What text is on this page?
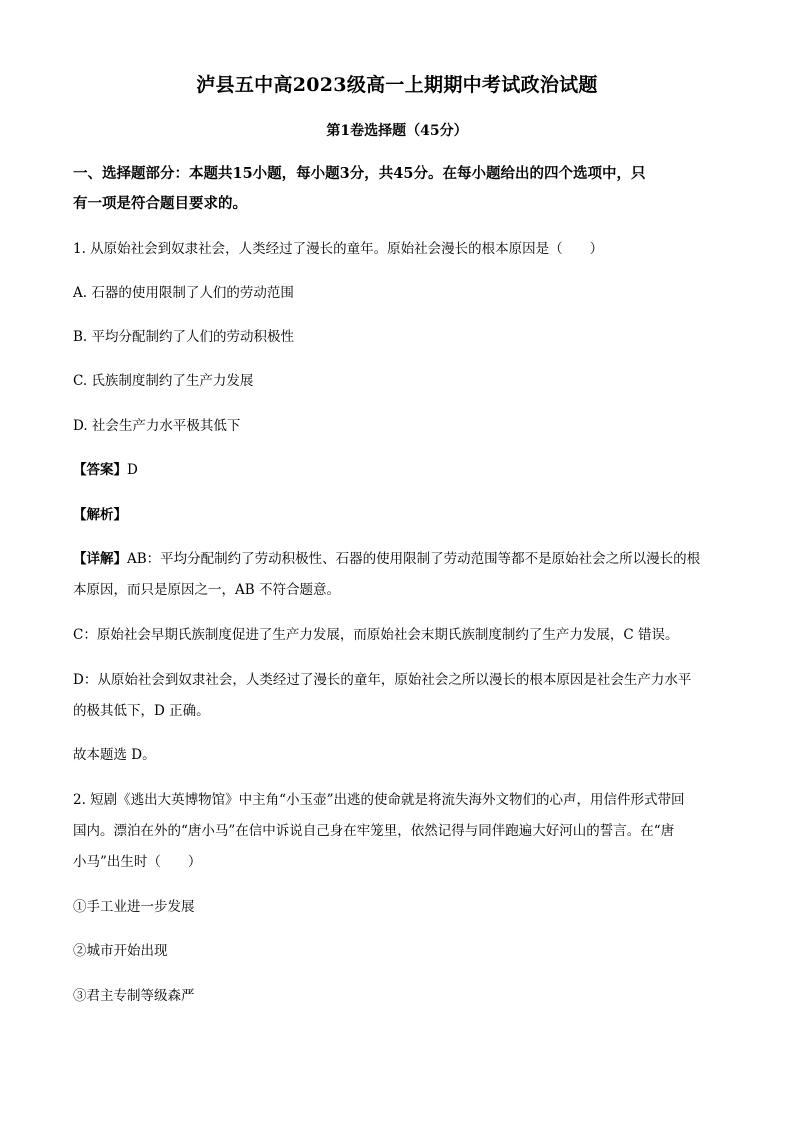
泸县五中高2023级高一上期期中考试政治试题
第1卷选择题（45分）
一、选择题部分：本题共15小题，每小题3分，共45分。在每小题给出的四个选项中，只
有一项是符合题目要求的。
1. 从原始社会到奴隶社会，人类经过了漫长的童年。原始社会漫长的根本原因是（　　）
A. 石器的使用限制了人们的劳动范围
B. 平均分配制约了人们的劳动积极性
C. 氏族制度制约了生产力发展
D. 社会生产力水平极其低下
【答案】D
【解析】
【详解】AB：平均分配制约了劳动积极性、石器的使用限制了劳动范围等都不是原始社会之所以漫长的根
本原因，而只是原因之一，AB 不符合题意。
C：原始社会早期氏族制度促进了生产力发展，而原始社会末期氏族制度制约了生产力发展，C 错误。
D：从原始社会到奴隶社会，人类经过了漫长的童年，原始社会之所以漫长的根本原因是社会生产力水平
的极其低下，D 正确。
故本题选 D。
2. 短剧《逃出大英博物馆》中主角“小玉壶”出逃的使命就是将流失海外文物们的心声，用信件形式带回
国内。漂泊在外的“唐小马”在信中诉说自己身在牢笼里，依然记得与同伴跑遍大好河山的誓言。在“唐
小马”出生时（　　）
①手工业进一步发展
②城市开始出现
③君主专制等级森严
